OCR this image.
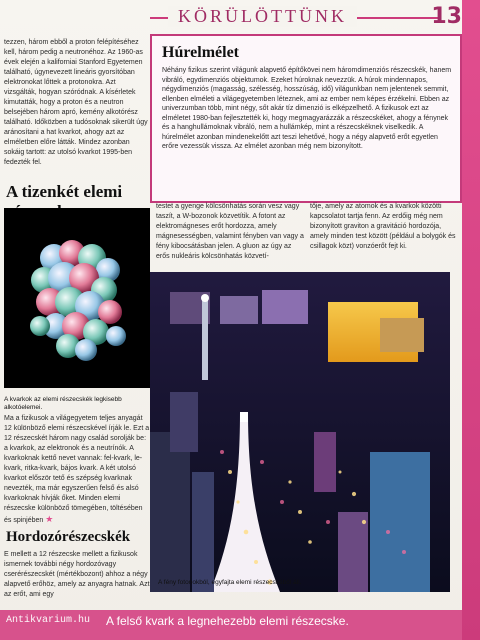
KÖRÜLÖTTÜNK	13

tezzen, három ebből a proton felépítéséhez kell, három pedig a neutronéhoz. Az 1960-as évek elején a kaliforniai Stanford Egyetemen található, úgynevezett lineáris gyorsítóban elektronokat lőttek a protonokra. Azt vizsgálták, hogyan szóródnak. A kísérletek kimutatták, hogy a proton és a neutron belsejében három apró, kemény alkotórész található. Időközben a tudósoknak sikerült úgy aránosítani a hat kvarkot, ahogy azt az elméletben előre látták. Mindez azonban sokáig tartott: az utolsó kvarkot 1995-ben fedezték fel.

A tizenkét elemi
A kvarkok az elemi részecskék legkisebb alkotóelemei.

Ma a fizikusok a világegyetem teljes anyagát 12 különböző elemi részecskével írják le. Ezt a 12 részecskét három nagy család sorolják be: a kvarkok, az elektronok és a neutrínók. A kvarkoknak kettő nevet vannak: fel-kvark, le-kvark, ritka-kvark, bájos kvark. A két utolsó kvarkot először tető és szépség kvarknak nevezték, ma már egyszerűen felső és alsó kvarkoknak hívják őket. Minden elemi részecske különböző tömegében, töltésében és spinjében ★

Hordozórészecskék

E mellett a 12 részecske mellett a fizikusok ismernek további négy hordozóvagy cserérészecskét (mértékbozont) ahhoz a négy alapvető erőhöz, amely az anyagra hatnak. Azt az erőt, ami egy

Húrelmélet

Néhány fizikus szerint világunk alapvető építőkövei nem háromdimenziós részecskék, hanem vibráló, egydimenziós objektumok. Ezeket húroknak nevezzük. A húrok mindennapos, négydimenziós (magasság, szélesség, hosszúság, idő) világunkban nem jelentenek semmit, ellenben elméleti a világegyetemben léteznek, ami az ember nem képes érzékelni. Ebben az univerzumban több, mint négy, sőt akár tíz dimenzió is elképzelhető. A fizikusok ezt az elméletet 1980-ban fejlesztették ki, hogy megmagyarázzák a részecskéket, ahogy a fénynek és a hanghullámoknak vibráló, nem a hullámkép, mint a részecskéknek viselkedik. A húrelmélet azonban mindenekelőtt azt teszi lehetővé, hogy a négy alapvető erőt egyetlen erőre vezessük vissza. Az elmélet azonban még nem bizonyított.

testet a gyenge kölcsönhatás során vesz vagy taszít, a W-bozonok közvetítik. A fotont az elektromágneses erőt hordozza, amely mágnesességben, valamint fényben van vagy a fény kibocsátásban jelen. A gluon az úgy az erős nukleáris kölcsönhatás közvetí-

tője, amely az atomok és a kvarkok közötti kapcsolatot tartja fenn. Az erdőig még nem bizonyított graviton a gravitáció hordozója, amely minden test között (például a bolygók és csillagok közt) vonzóerőt fejt ki.

A fény fotonokból, egyfajta elemi részecskéből áll.
A felső kvark a legnehezebb elemi részecske.
Antikvarium.hu
